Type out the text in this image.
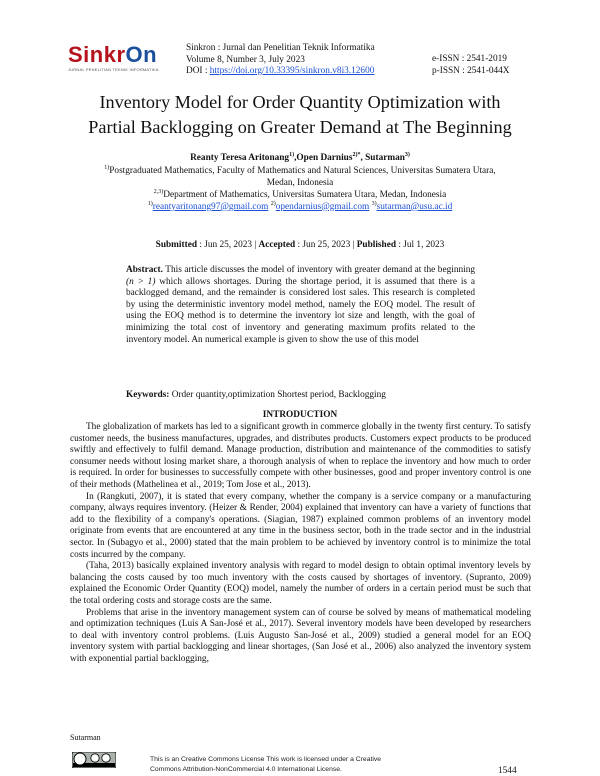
SinkrOn
JURNAL PENELITIAN TEKNIK INFORMATIKA
Sinkron : Jurnal dan Penelitian Teknik Informatika
Volume 8, Number 3, July 2023
DOI : https://doi.org/10.33395/sinkron.v8i3.12600
e-ISSN : 2541-2019
p-ISSN : 2541-044X
Inventory Model for Order Quantity Optimization with
Partial Backlogging on Greater Demand at The Beginning
Reanty Teresa Aritonang$^{1)}$,Open Darnius$^{2)*}$, Sutarman$^{3)}$
$^{1)}$Postgraduated Mathematics, Faculty of Mathematics and Natural Sciences, Universitas Sumatera Utara, Medan, Indonesia
$^{2,3)}$Department of Mathematics, Universitas Sumatera Utara, Medan, Indonesia
$^{1)}$reantyaritonang97@gmail.com $^{2)}$opendarnius@gmail.com $^{3)}$sutarman@usu.ac.id
Submitted : Jun 25, 2023 | Accepted : Jun 25, 2023 | Published : Jul 1, 2023
Abstract. This article discusses the model of inventory with greater demand at the beginning (n > 1) which allows shortages. During the shortage period, it is assumed that there is a backlogged demand, and the remainder is considered lost sales. This research is completed by using the deterministic inventory model method, namely the EOQ model. The result of using the EOQ method is to determine the inventory lot size and length, with the goal of minimizing the total cost of inventory and generating maximum profits related to the inventory model. An numerical example is given to show the use of this model
Keywords: Order quantity,optimization Shortest period, Backlogging
INTRODUCTION

The globalization of markets has led to a significant growth in commerce globally in the twenty first century. To satisfy customer needs, the business manufactures, upgrades, and distributes products. Customers expect products to be produced swiftly and effectively to fulfil demand. Manage production, distribution and maintenance of the commodities to satisfy consumer needs without losing market share, a thorough analysis of when to replace the inventory and how much to order is required. In order for businesses to successfully compete with other businesses, good and proper inventory control is one of their methods (Mathelinea et al., 2019; Tom Jose et al., 2013).

In (Rangkuti, 2007), it is stated that every company, whether the company is a service company or a manufacturing company, always requires inventory. (Heizer & Render, 2004) explained that inventory can have a variety of functions that add to the flexibility of a company's operations. (Siagian, 1987) explained common problems of an inventory model originate from events that are encountered at any time in the business sector, both in the trade sector and in the industrial sector. In (Subagyo et al., 2000) stated that the main problem to be achieved by inventory control is to minimize the total costs incurred by the company.

(Taha, 2013) basically explained inventory analysis with regard to model design to obtain optimal inventory levels by balancing the costs caused by too much inventory with the costs caused by shortages of inventory. (Supranto, 2009) explained the Economic Order Quantity (EOQ) model, namely the number of orders in a certain period must be such that the total ordering costs and storage costs are the same.

Problems that arise in the inventory management system can of course be solved by means of mathematical modeling and optimization techniques (Luis A San-José et al., 2017). Several inventory models have been developed by researchers to deal with inventory control problems. (Luis Augusto San-José et al., 2009) studied a general model for an EOQ inventory system with partial backlogging and linear shortages, (San José et al., 2006) also analyzed the inventory system with exponential partial backlogging,

Sutarman
This is an Creative Commons License This work is licensed under a Creative
Commons Attribution-NonCommercial 4.0 International License.	1544
